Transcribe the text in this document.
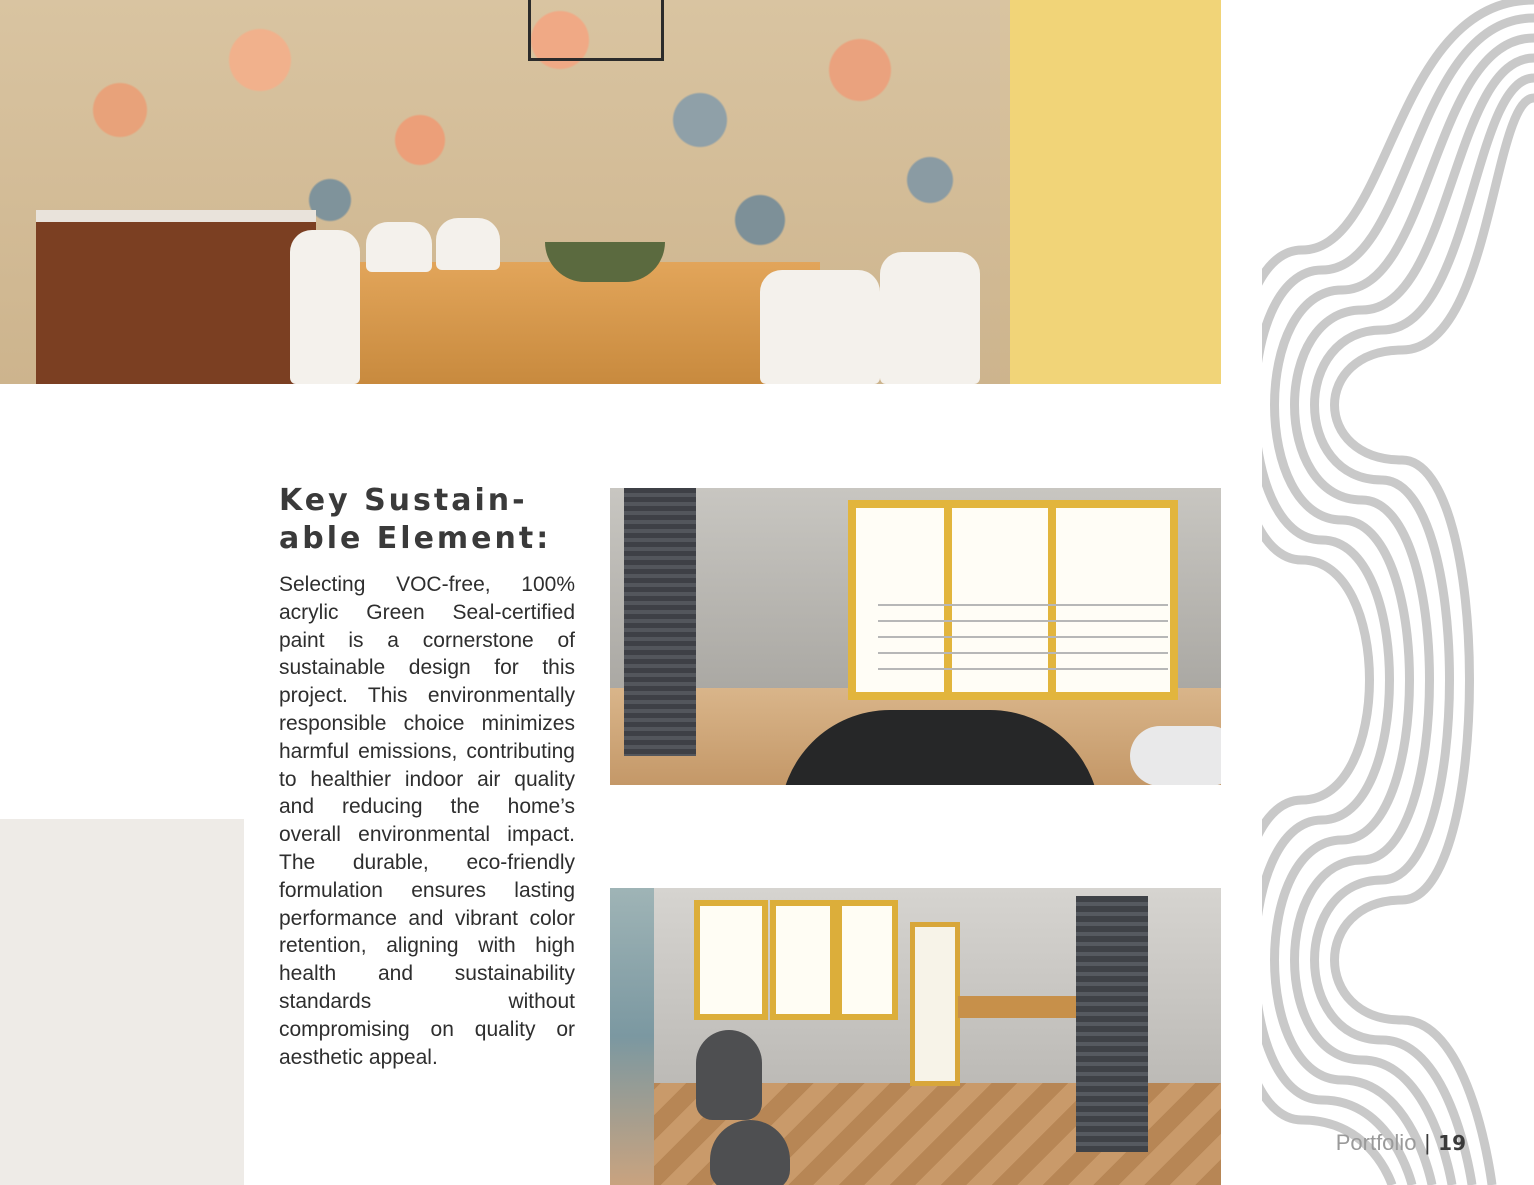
Key Sustain-
able Element:

Selecting VOC-free, 100% acrylic Green Seal-certified paint is a cornerstone of sustainable design for this project. This environmentally responsible choice minimizes harmful emissions, contributing to healthier indoor air quality and reducing the home’s overall environmental impact. The durable, eco-friendly formulation ensures lasting performance and vibrant color retention, aligning with high health and sustainability standards without compromising on quality or aesthetic appeal.

Portfolio | 19
